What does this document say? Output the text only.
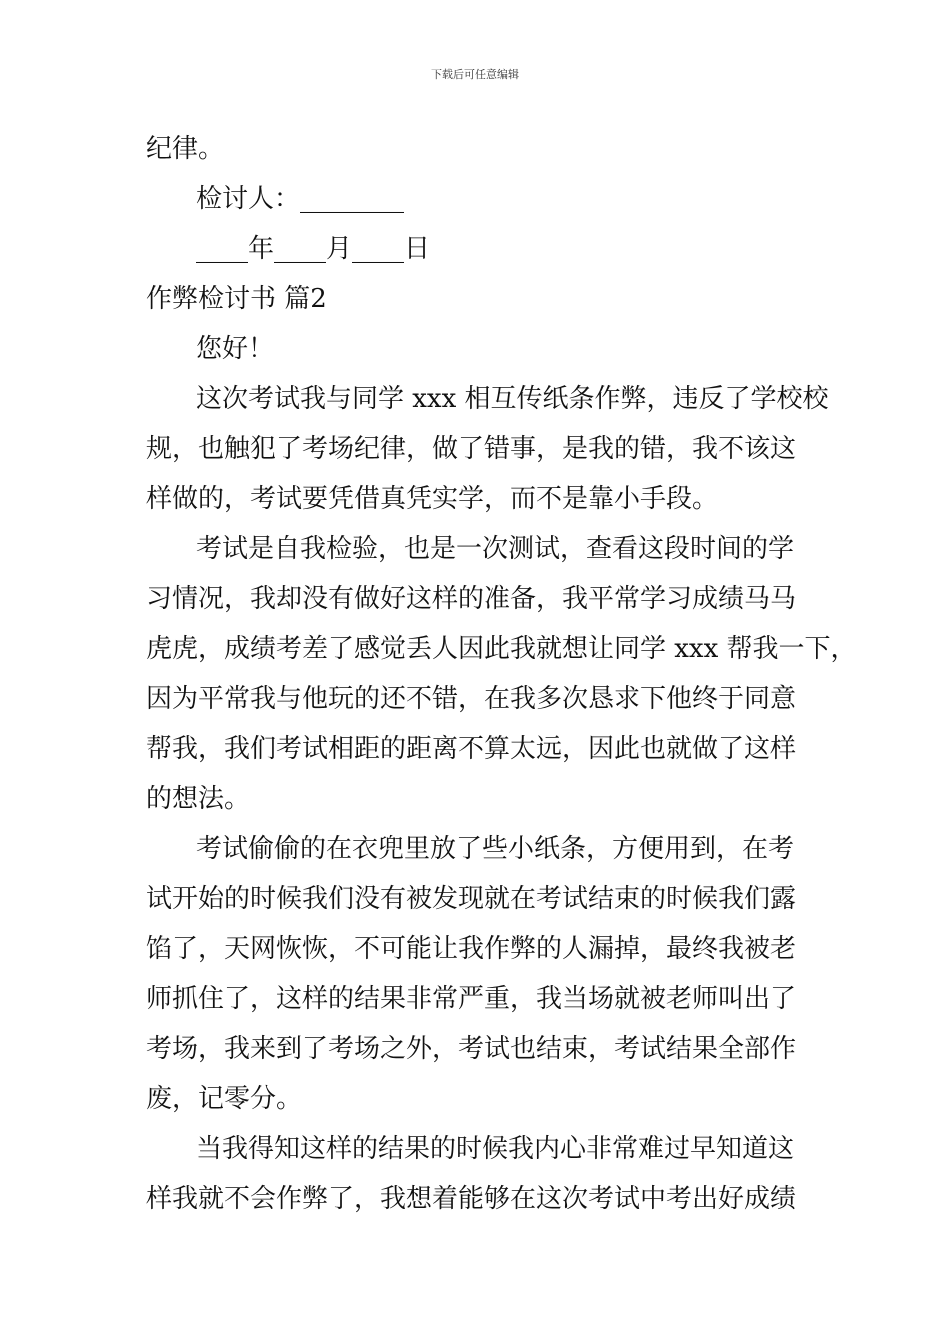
下载后可任意编辑
纪律。
检讨人：________
____年____月____日
作弊检讨书 篇2
您好！
这次考试我与同学 xxx 相互传纸条作弊，违反了学校校
规，也触犯了考场纪律，做了错事，是我的错，我不该这
样做的，考试要凭借真凭实学，而不是靠小手段。
考试是自我检验，也是一次测试，查看这段时间的学
习情况，我却没有做好这样的准备，我平常学习成绩马马
虎虎，成绩考差了感觉丢人因此我就想让同学 xxx 帮我一下，
因为平常我与他玩的还不错，在我多次恳求下他终于同意
帮我，我们考试相距的距离不算太远，因此也就做了这样
的想法。
考试偷偷的在衣兜里放了些小纸条，方便用到，在考
试开始的时候我们没有被发现就在考试结束的时候我们露
馅了，天网恢恢，不可能让我作弊的人漏掉，最终我被老
师抓住了，这样的结果非常严重，我当场就被老师叫出了
考场，我来到了考场之外，考试也结束，考试结果全部作
废，记零分。
当我得知这样的结果的时候我内心非常难过早知道这
样我就不会作弊了，我想着能够在这次考试中考出好成绩
